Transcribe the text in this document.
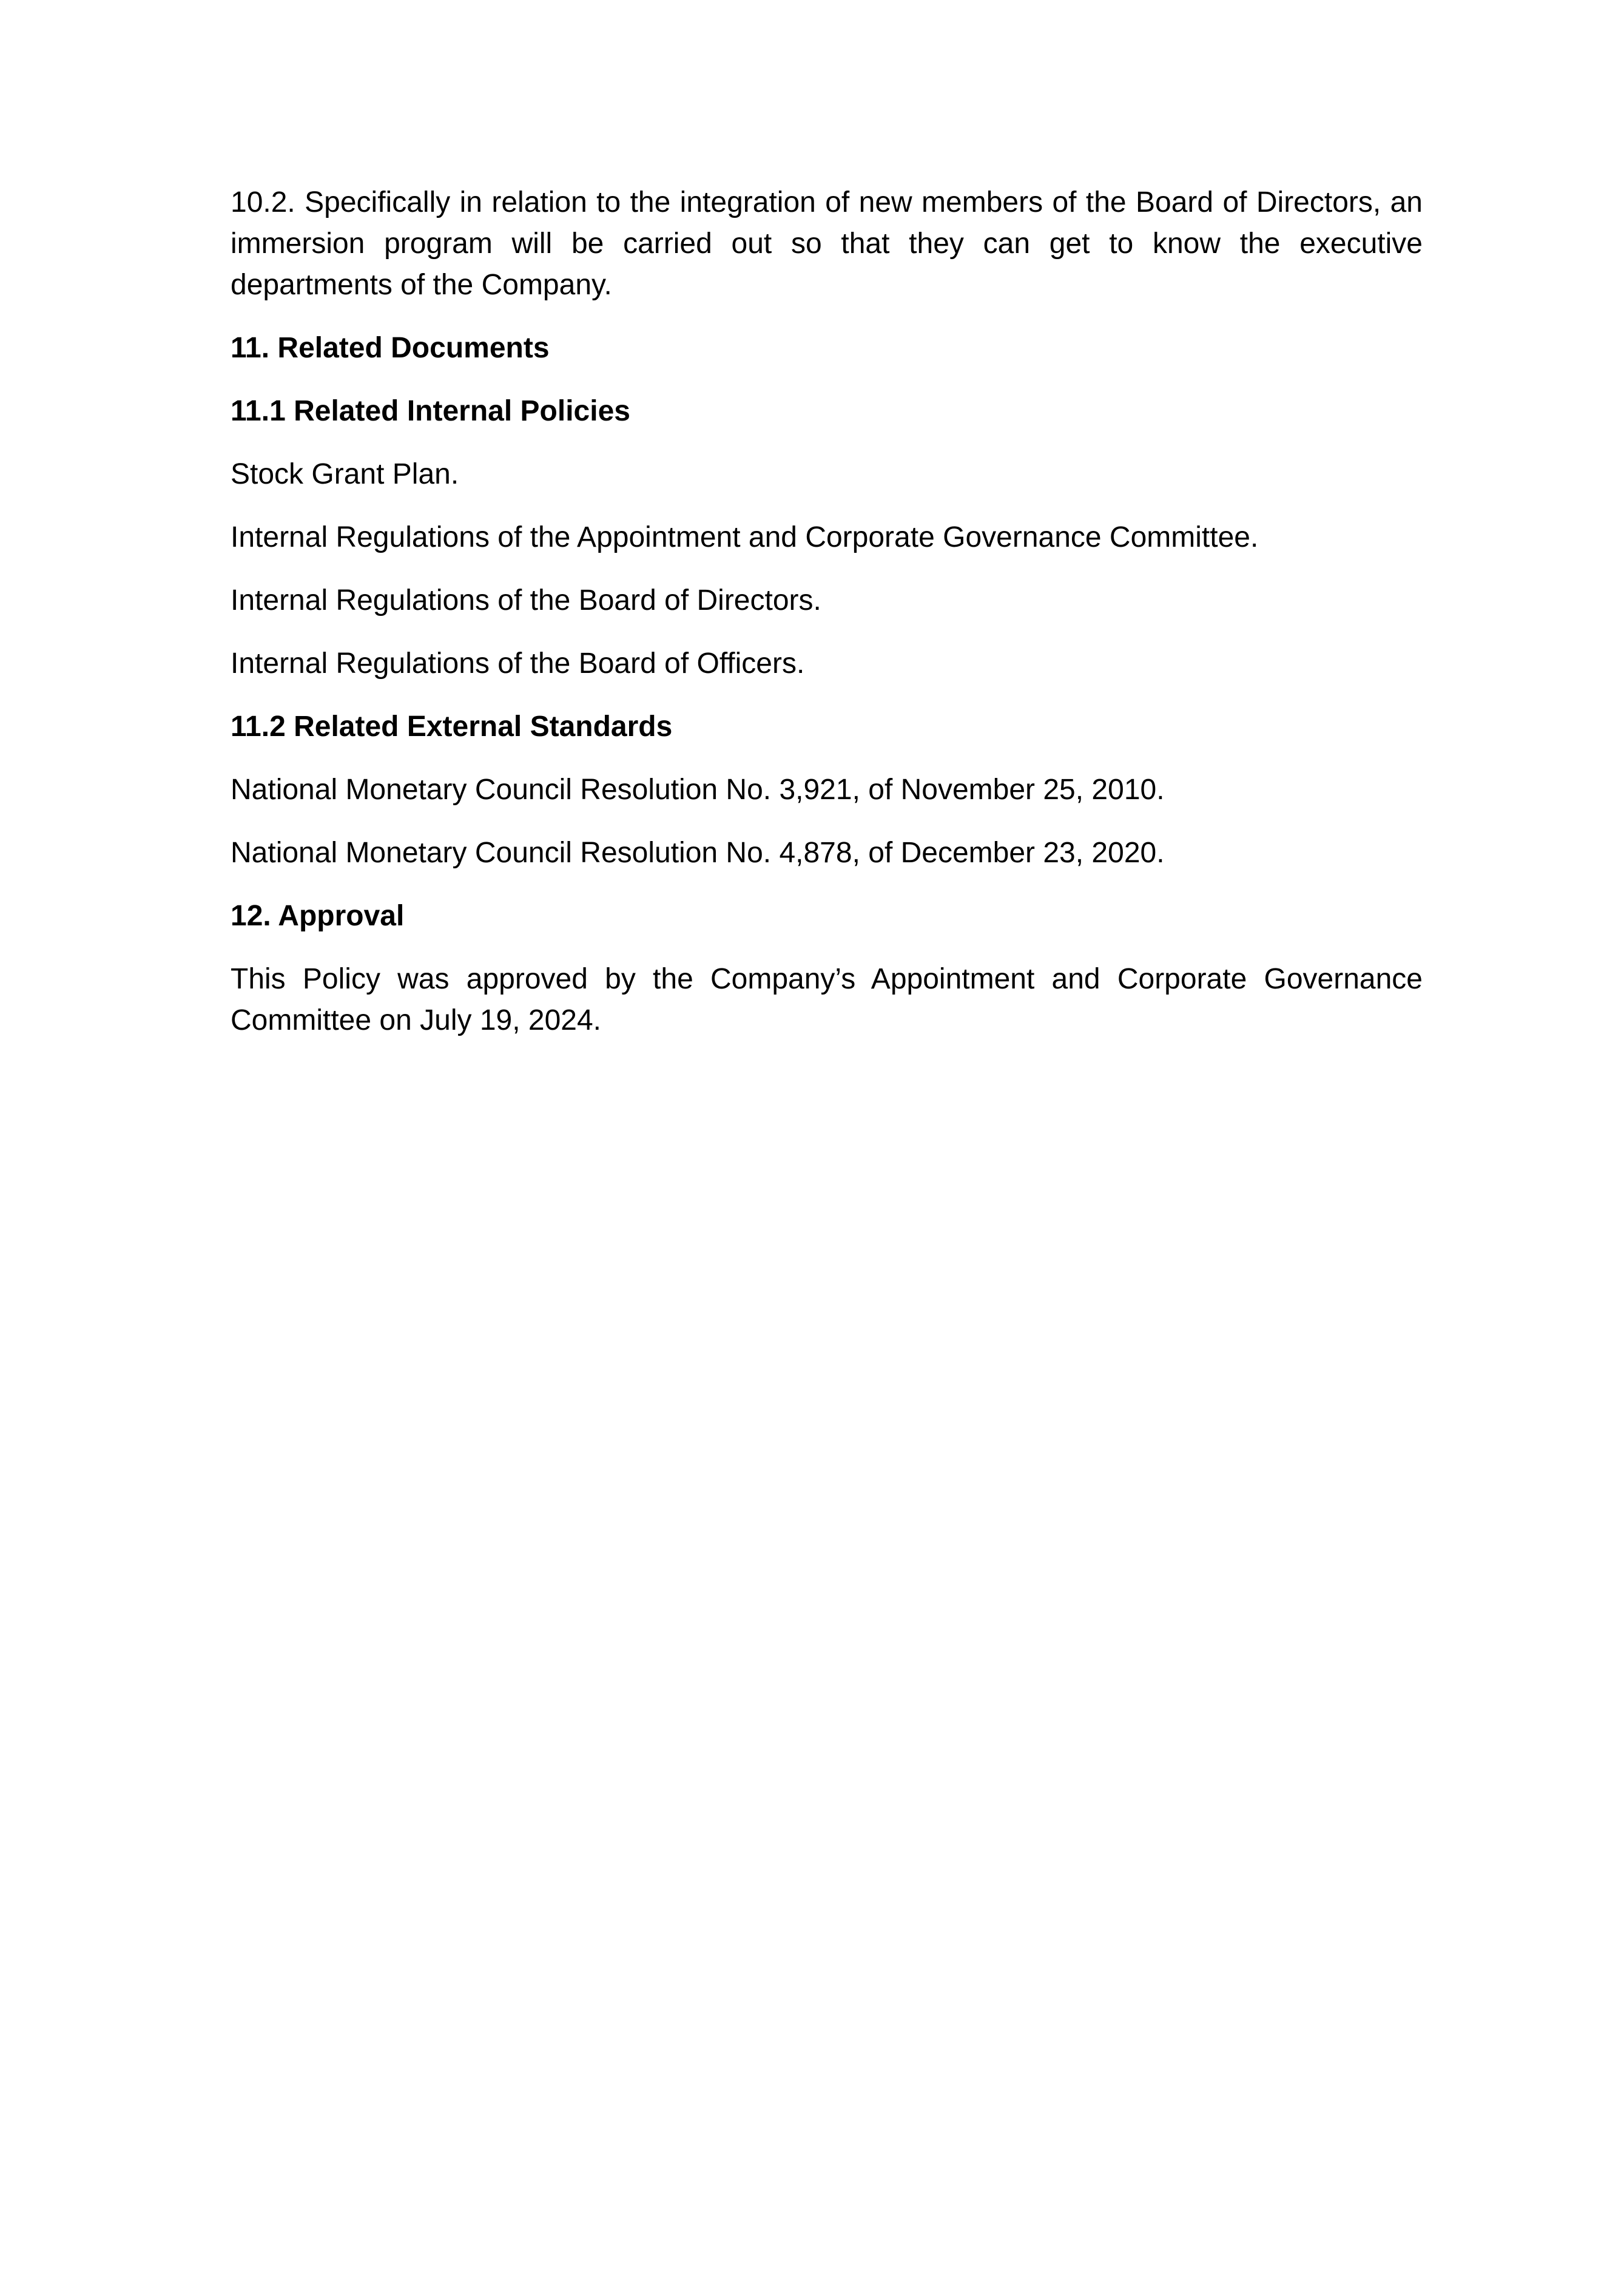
10.2. Specifically in relation to the integration of new members of the Board of Directors, an immersion program will be carried out so that they can get to know the executive departments of the Company.

11. Related Documents

11.1 Related Internal Policies

Stock Grant Plan.

Internal Regulations of the Appointment and Corporate Governance Committee.

Internal Regulations of the Board of Directors.

Internal Regulations of the Board of Officers.

11.2 Related External Standards

National Monetary Council Resolution No. 3,921, of November 25, 2010.

National Monetary Council Resolution No. 4,878, of December 23, 2020.

12. Approval

This Policy was approved by the Company’s Appointment and Corporate Governance Committee on July 19, 2024.
